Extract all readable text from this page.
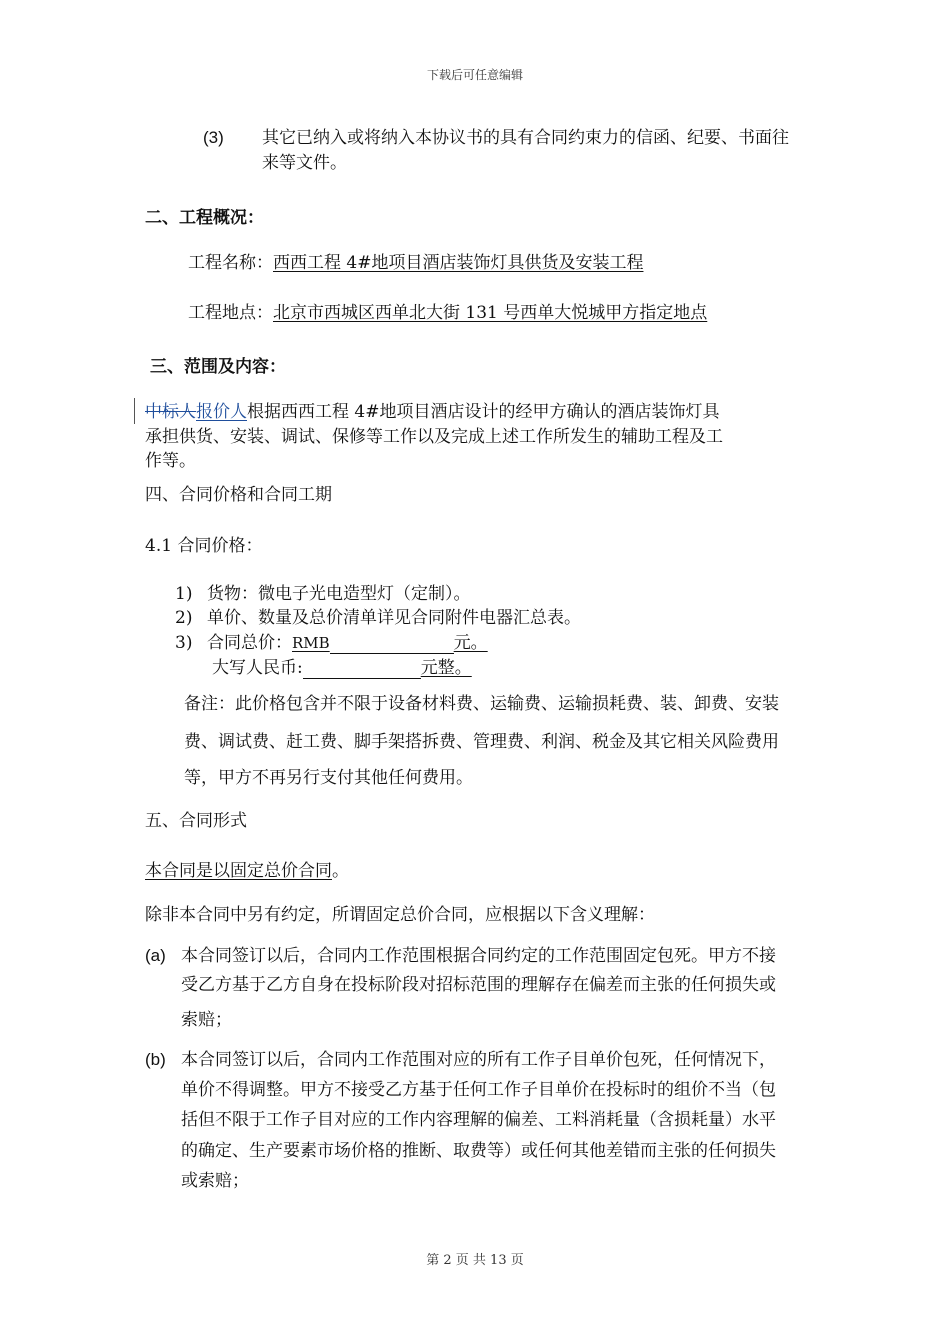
下载后可任意编辑
(3) 其它已纳入或将纳入本协议书的具有合同约束力的信函、纪要、书面往
来等文件。
二、工程概况：
工程名称：西西工程 4#地项目酒店装饰灯具供货及安装工程
工程地点：北京市西城区西单北大街 131 号西单大悦城甲方指定地点
三、范围及内容：
中标人报价人根据西西工程 4#地项目酒店设计的经甲方确认的酒店装饰灯具
承担供货、安装、调试、保修等工作以及完成上述工作所发生的辅助工程及工
作等。
四、合同价格和合同工期
4.1 合同价格：
1) 货物：微电子光电造型灯（定制）。
2) 单价、数量及总价清单详见合同附件电器汇总表。
3) 合同总价：RMB	元。
大写人民币:	元整。
备注：此价格包含并不限于设备材料费、运输费、运输损耗费、装、卸费、安装
费、调试费、赶工费、脚手架搭拆费、管理费、利润、税金及其它相关风险费用
等，甲方不再另行支付其他任何费用。
五、合同形式
本合同是以固定总价合同。
除非本合同中另有约定，所谓固定总价合同，应根据以下含义理解：
(a) 本合同签订以后，合同内工作范围根据合同约定的工作范围固定包死。甲方不接
受乙方基于乙方自身在投标阶段对招标范围的理解存在偏差而主张的任何损失或
索赔；
(b) 本合同签订以后，合同内工作范围对应的所有工作子目单价包死，任何情况下，
单价不得调整。甲方不接受乙方基于任何工作子目单价在投标时的组价不当（包
括但不限于工作子目对应的工作内容理解的偏差、工料消耗量（含损耗量）水平
的确定、生产要素市场价格的推断、取费等）或任何其他差错而主张的任何损失
或索赔；
第 2 页 共 13 页
